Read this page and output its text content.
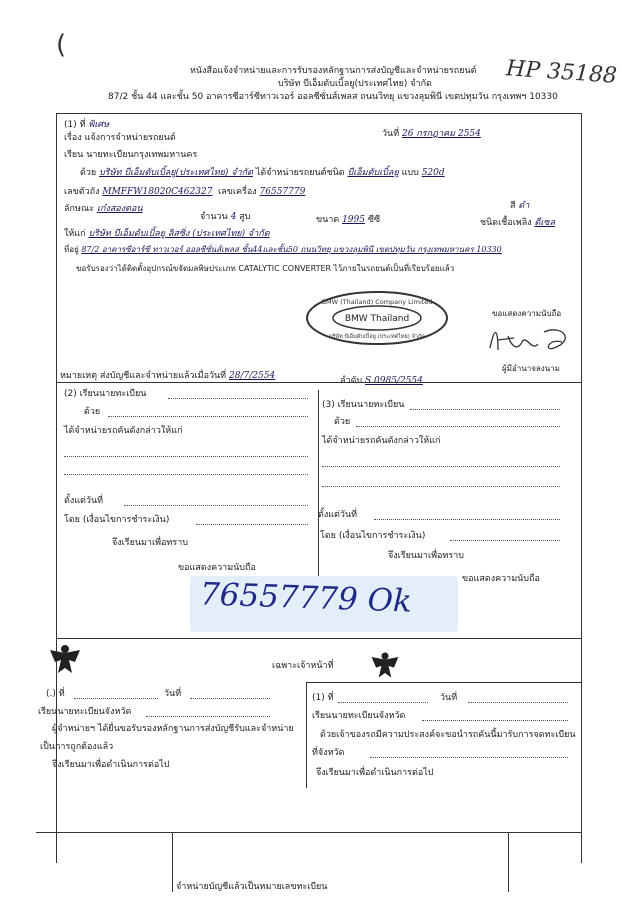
(
HP 35188
หนังสือแจ้งจำหน่ายและการรับรองหลักฐานการส่งบัญชีและจำหน่ายรถยนต์
บริษัท บีเอ็มดับเบิ้ลยู(ประเทศไทย) จำกัด
87/2 ชั้น 44 และชั้น 50 อาคารซีอาร์ซีทาวเวอร์ ออลซีซั่นส์เพลส ถนนวิทยุ แขวงลุมพินี เขตปทุมวัน กรุงเทพฯ 10330
(1) ที่ พิเศษ
วันที่ 26 กรกฎาคม 2554
เรื่อง แจ้งการจำหน่ายรถยนต์
เรียน นายทะเบียนกรุงเทพมหานคร
ด้วย บริษัท บีเอ็มดับเบิ้ลยู(ประเทศไทย) จำกัด ได้จำหน่ายรถยนต์ชนิด บีเอ็มดับเบิ้ลยู แบบ 520d
เลขตัวถัง MMFFW18020C462327 เลขเครื่อง 76557779
สี ดำ
ลักษณะ เก๋งสองตอน
จำนวน 4 สูบ	ขนาด 1995 ซีซี	ชนิดเชื้อเพลิง ดีเซล
ให้แก่ บริษัท บีเอ็มดับเบิ้ลยู ลิสซิ่ง (ประเทศไทย) จำกัด
ที่อยู่ 87/2 อาคารซีอาร์ซี ทาวเวอร์ ออลซีซั่นส์เพลส ชั้น44และชั้น50 ถนนวิทยุ แขวงลุมพินี เขตปทุมวัน กรุงเทพมหานคร 10330
ขอรับรองว่าได้ติดตั้งอุปกรณ์ขจัดมลพิษประเภท CATALYTIC CONVERTER ไว้ภายในรถยนต์เป็นที่เรียบร้อยแล้ว
BMW (Thailand) Company Limited
BMW Thailand
บริษัท บีเอ็มดับเบิ้ลยู (ประเทศไทย) จำกัด
ขอแสดงความนับถือ
ผู้มีอำนาจลงนาม
หมายเหตุ ส่งบัญชีและจำหน่ายแล้วเมื่อวันที่ 28/7/2554	ลำดับ S 0985/2554
(2) เรียนนายทะเบียน
ด้วย
ได้จำหน่ายรถคันดังกล่าวให้แก่
ตั้งแต่วันที่
โดย (เงื่อนไขการชำระเงิน)
จึงเรียนมาเพื่อทราบ
ขอแสดงความนับถือ
(3) เรียนนายทะเบียน
ด้วย
ได้จำหน่ายรถคันดังกล่าวให้แก่
ตั้งแต่วันที่
โดย (เงื่อนไขการชำระเงิน)
จึงเรียนมาเพื่อทราบ
ขอแสดงความนับถือ
76557779 Ok
เฉพาะเจ้าหน้าที่
(.) ที่	วันที่
เรียนนายทะเบียนจังหวัด
ผู้จำหน่ายฯ ได้ยื่นขอรับรองหลักฐานการส่งบัญชีรับและจำหน่าย
เป็นการถูกต้องแล้ว
จึงเรียนมาเพื่อดำเนินการต่อไป
(1) ที่	วันที่
เรียนนายทะเบียนจังหวัด
ด้วยเจ้าของรถมีความประสงค์จะขอนำรถคันนี้มารับการจดทะเบียน
ที่จังหวัด
จึงเรียนมาเพื่อดำเนินการต่อไป
จำหน่ายบัญชีแล้วเป็นหมายเลขทะเบียน
